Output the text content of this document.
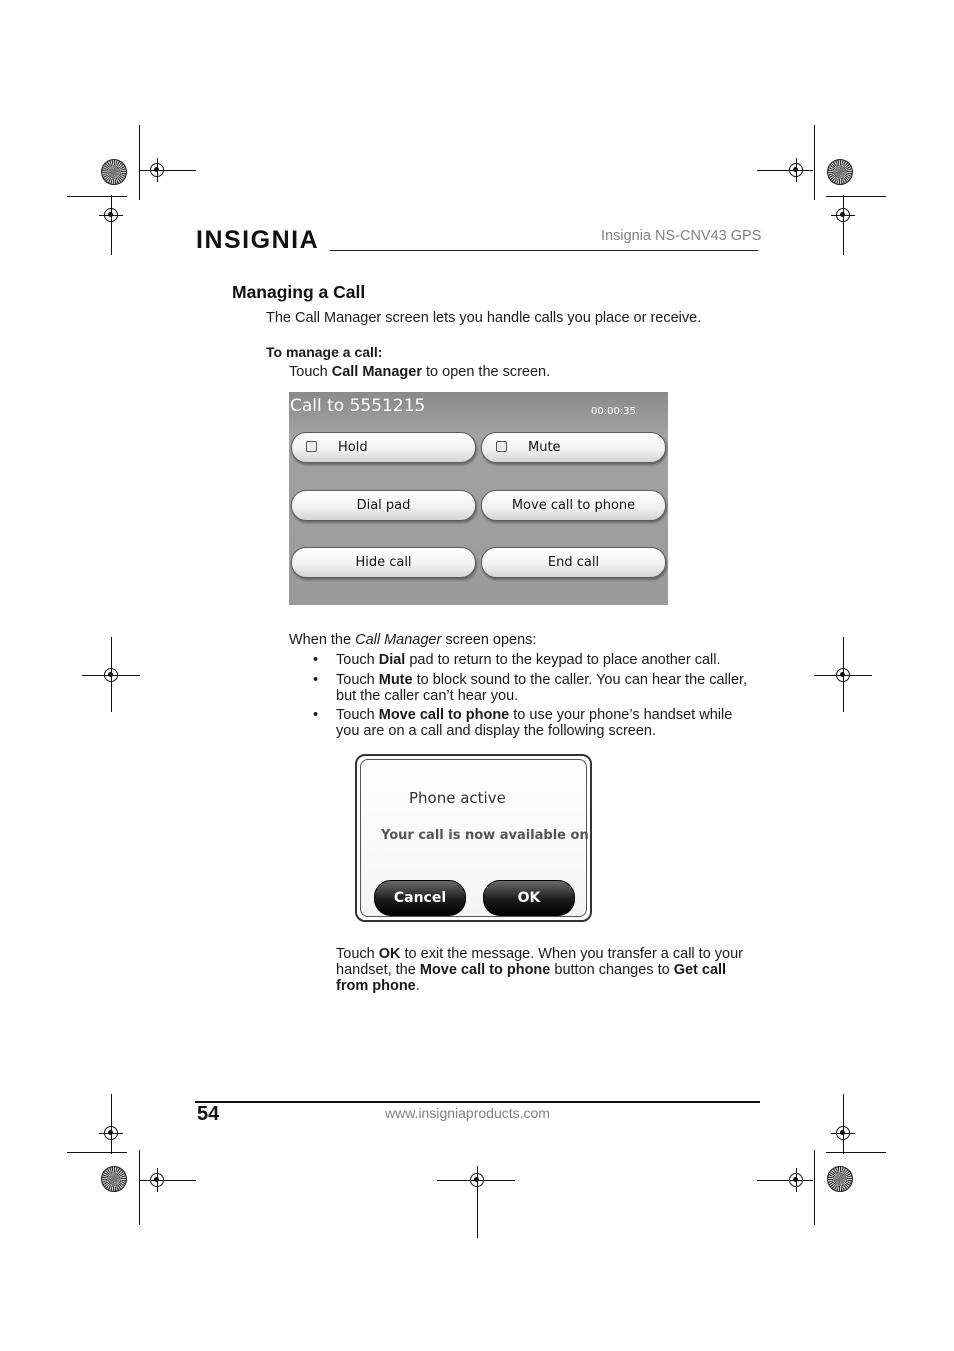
INSIGNIA	Insignia NS-CNV43 GPS
Managing a Call
The Call Manager screen lets you handle calls you place or receive.
To manage a call:
Touch Call Manager to open the screen.
Call to 5551215	00:00:35
Hold	Mute
Dial pad	Move call to phone
Hide call	End call
When the Call Manager screen opens:
• Touch Dial pad to return to the keypad to place another call.
• Touch Mute to block sound to the caller. You can hear the caller, but the caller can’t hear you.
• Touch Move call to phone to use your phone’s handset while you are on a call and display the following screen.
Phone active
Your call is now available on
Cancel	OK
Touch OK to exit the message. When you transfer a call to your handset, the Move call to phone button changes to Get call from phone.
54	www.insigniaproducts.com
